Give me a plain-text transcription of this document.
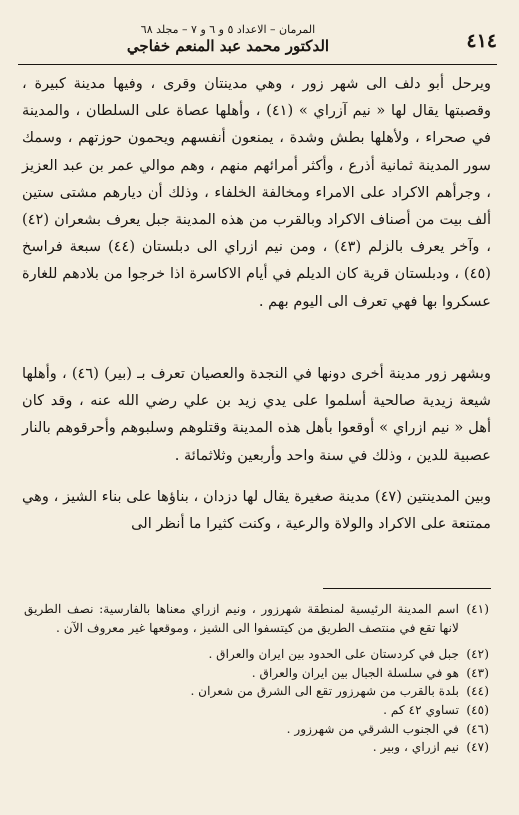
٤١٤
المرمان – الاعداد ٥ و ٦ و ٧ – مجلد ٦٨
الدكتور محمد عبد المنعم خفاجي

ويرحل أبو دلف الى شهر زور ، وهي مدينتان وقرى ، وفيها مدينة كبيرة ، وقصبتها يقال لها « نيم آزراي » (٤١) ، وأهلها عصاة على السلطان ، والمدينة في صحراء ، ولأهلها بطش وشدة ، يمنعون أنفسهم ويحمون حوزتهم ، وسمك سور المدينة ثمانية أذرع ، وأكثر أمرائهم منهم ، وهم موالي عمر بن عبد العزيز ، وجرأهم الاكراد على الامراء ومخالفة الخلفاء ، وذلك أن ديارهم مشتى ستين ألف بيت من أصناف الاكراد وبالقرب من هذه المدينة جبل يعرف بشعران (٤٢) ، وآخر يعرف بالزلم (٤٣) ، ومن نيم ازراي الى دبلستان (٤٤) سبعة فراسخ (٤٥) ، ودبلستان قرية كان الديلم في أيام الاكاسرة اذا خرجوا من بلادهم للغارة عسكروا بها فهي تعرف الى اليوم بهم .

وبشهر زور مدينة أخرى دونها في النجدة والعصيان تعرف بـ (بير) (٤٦) ، وأهلها شيعة زيدية صالحية أسلموا على يدي زيد بن علي رضي الله عنه ، وقد كان أهل « نيم ازراي » أوقعوا بأهل هذه المدينة وقتلوهم وسلبوهم وأحرقوهم بالنار عصبية للدين ، وذلك في سنة واحد وأربعين وثلاثمائة .

وبين المدينتين (٤٧) مدينة صغيرة يقال لها دزدان ، بناؤها على بناء الشيز ، وهي ممتنعة على الاكراد والولاة والرعية ، وكنت كثيرا ما أنظر الى

(٤١)
اسم المدينة الرئيسية لمنطقة شهرزور ، ونيم ازراي معناها بالفارسية: نصف الطريق لانها تقع في منتصف الطريق من كيتسفوا الى الشيز ، وموقعها غير معروف الآن .
(٤٢)
جبل في كردستان على الحدود بين ايران والعراق .
(٤٣)
هو في سلسلة الجبال بين ايران والعراق .
(٤٤)
بلدة بالقرب من شهرزور تقع الى الشرق من شعران .
(٤٥)
تساوي ٤٢ كم .
(٤٦)
في الجنوب الشرقي من شهرزور .
(٤٧)
نيم ازراي ، وبير .
